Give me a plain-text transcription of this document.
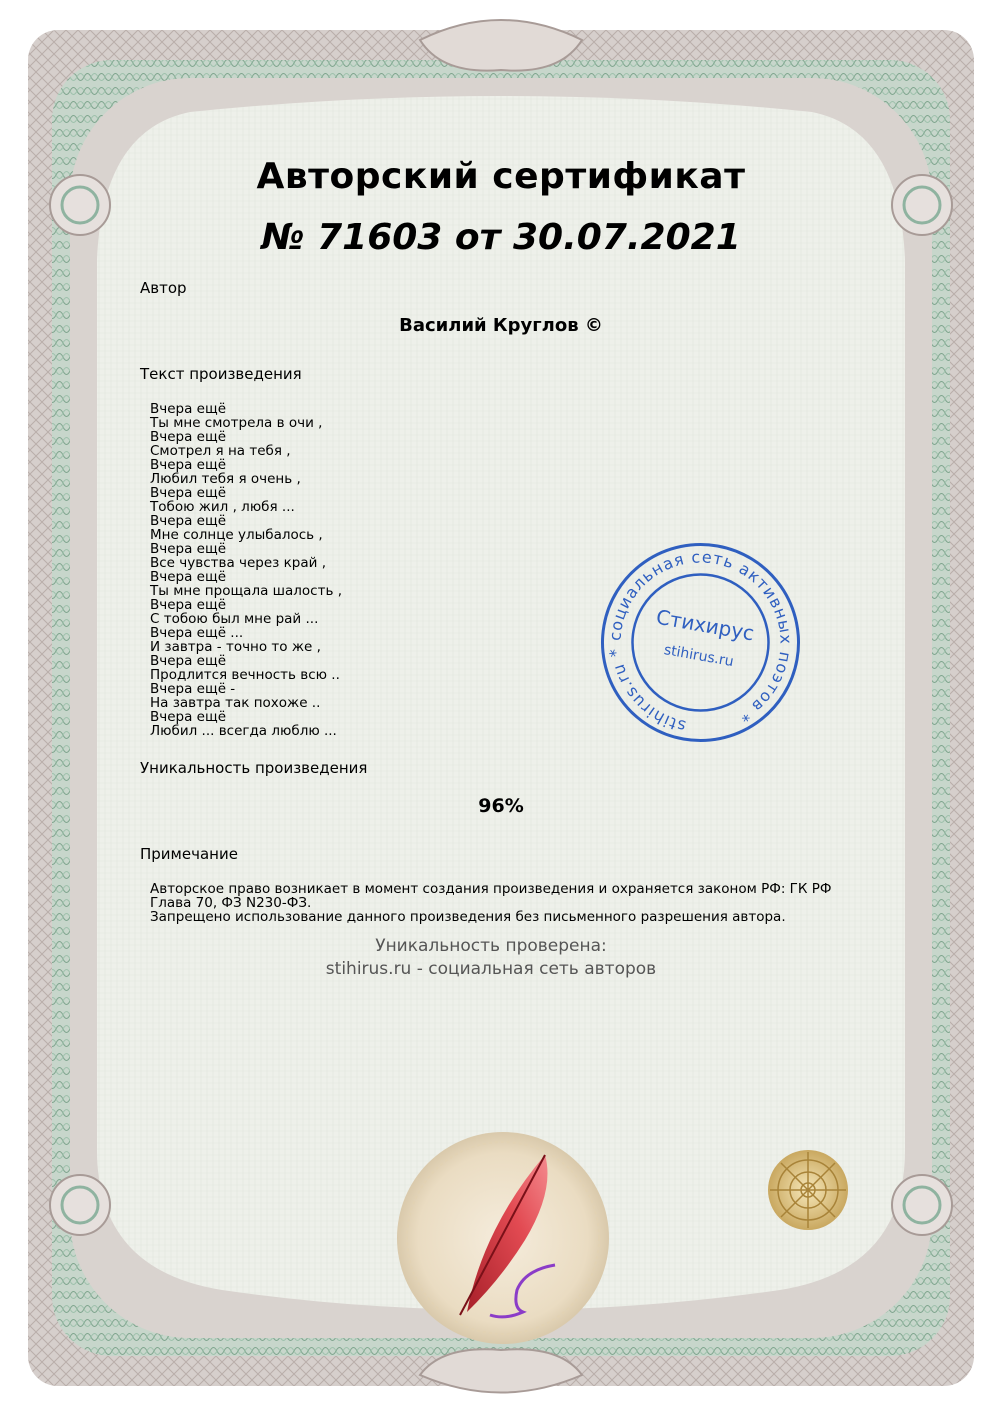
stihirus.ru * социальная сеть активных поэтов *
Стихирус
stihirus.ru
Авторский сертификат
№ 71603 от 30.07.2021
Автор
Василий Круглов ©
Текст произведения
Вчера ещё
Ты мне смотрела в очи ,
Вчера ещё
Смотрел я на тебя ,
Вчера ещё
Любил тебя я очень ,
Вчера ещё
Тобою жил , любя ...
Вчера ещё
Мне солнце улыбалось ,
Вчера ещё
Все чувства через край ,
Вчера ещё
Ты мне прощала шалость ,
Вчера ещё
С тобою был мне рай ...
Вчера ещё ...
И завтра - точно то же ,
Вчера ещё
Продлится вечность всю ..
Вчера ещё -
На завтра так похоже ..
Вчера ещё
Любил ... всегда люблю ...
Уникальность произведения
96%
Примечание
Авторское право возникает в момент создания произведения и охраняется законом РФ: ГК РФ Глава 70, ФЗ N230-ФЗ.
Запрещено использование данного произведения без письменного разрешения автора.
Уникальность проверена:
stihirus.ru - социальная сеть авторов
